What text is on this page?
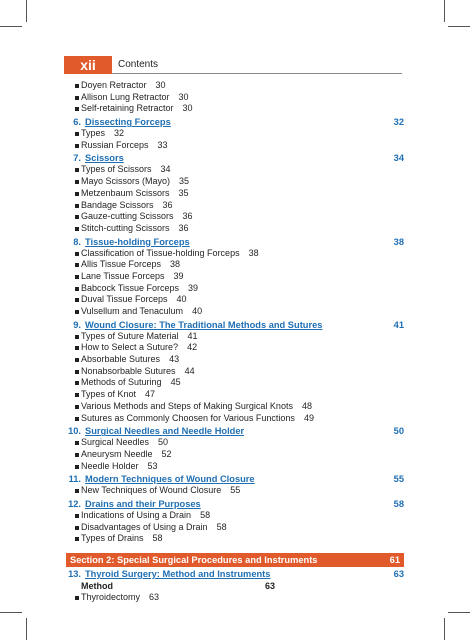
xii	Contents
Doyen Retractor 30
Allison Lung Retractor 30
Self-retaining Retractor 30
6. Dissecting Forceps	32
Types 32
Russian Forceps 33
7. Scissors	34
Types of Scissors 34
Mayo Scissors (Mayo) 35
Metzenbaum Scissors 35
Bandage Scissors 36
Gauze-cutting Scissors 36
Stitch-cutting Scissors 36
8. Tissue-holding Forceps	38
Classification of Tissue-holding Forceps 38
Allis Tissue Forceps 38
Lane Tissue Forceps 39
Babcock Tissue Forceps 39
Duval Tissue Forceps 40
Vulsellum and Tenaculum 40
9. Wound Closure: The Traditional Methods and Sutures	41
Types of Suture Material 41
How to Select a Suture? 42
Absorbable Sutures 43
Nonabsorbable Sutures 44
Methods of Suturing 45
Types of Knot 47
Various Methods and Steps of Making Surgical Knots 48
Sutures as Commonly Choosen for Various Functions 49
10. Surgical Needles and Needle Holder	50
Surgical Needles 50
Aneurysm Needle 52
Needle Holder 53
11. Modern Techniques of Wound Closure	55
New Techniques of Wound Closure 55
12. Drains and their Purposes	58
Indications of Using a Drain 58
Disadvantages of Using a Drain 58
Types of Drains 58
Section 2: Special Surgical Procedures and Instruments	61
13. Thyroid Surgery: Method and Instruments	63
Method	63
Thyroidectomy 63
